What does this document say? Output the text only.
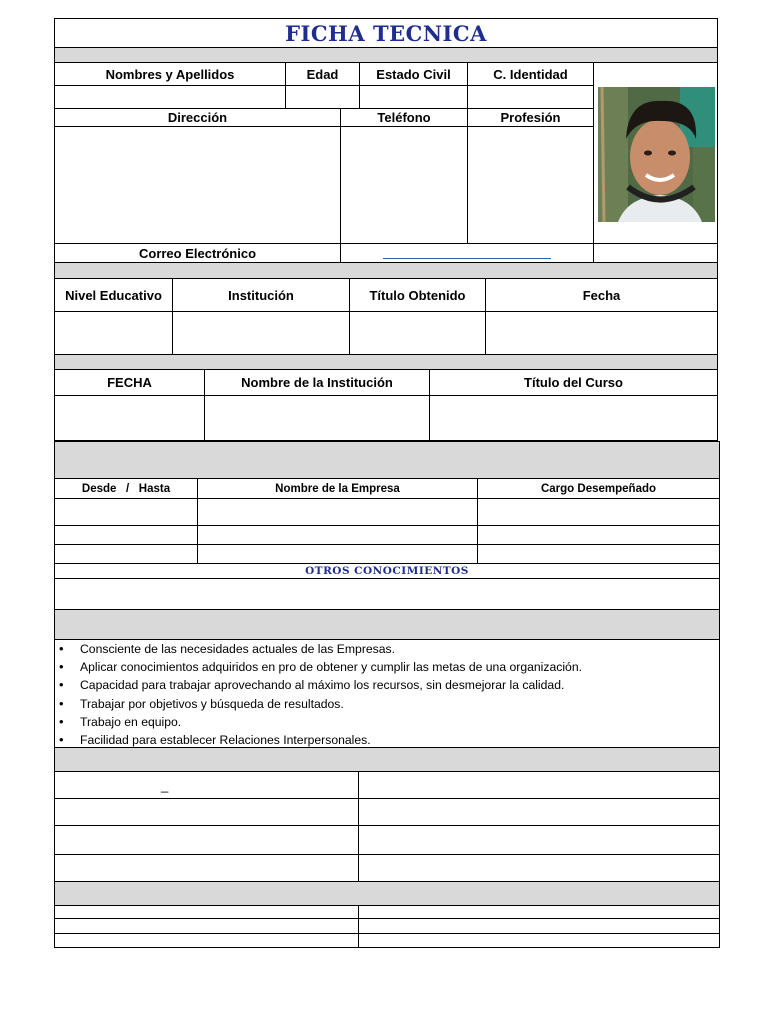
FICHA TECNICA
Nombres y Apellidos	Edad	Estado Civil	C. Identidad
Dirección	Teléfono	Profesión
Correo Electrónico
Nivel Educativo	Institución	Título Obtenido	Fecha
FECHA	Nombre de la Institución	Título del Curso
Desde   /   Hasta	Nombre de la Empresa	Cargo Desempeñado
OTROS CONOCIMIENTOS
• Consciente de las necesidades actuales de las Empresas.
• Aplicar conocimientos adquiridos en pro de obtener y cumplir las metas de una organización.
• Capacidad para trabajar aprovechando al máximo los recursos, sin desmejorar la calidad.
• Trabajar por objetivos y búsqueda de resultados.
• Trabajo en equipo.
• Facilidad para establecer Relaciones Interpersonales.
_
